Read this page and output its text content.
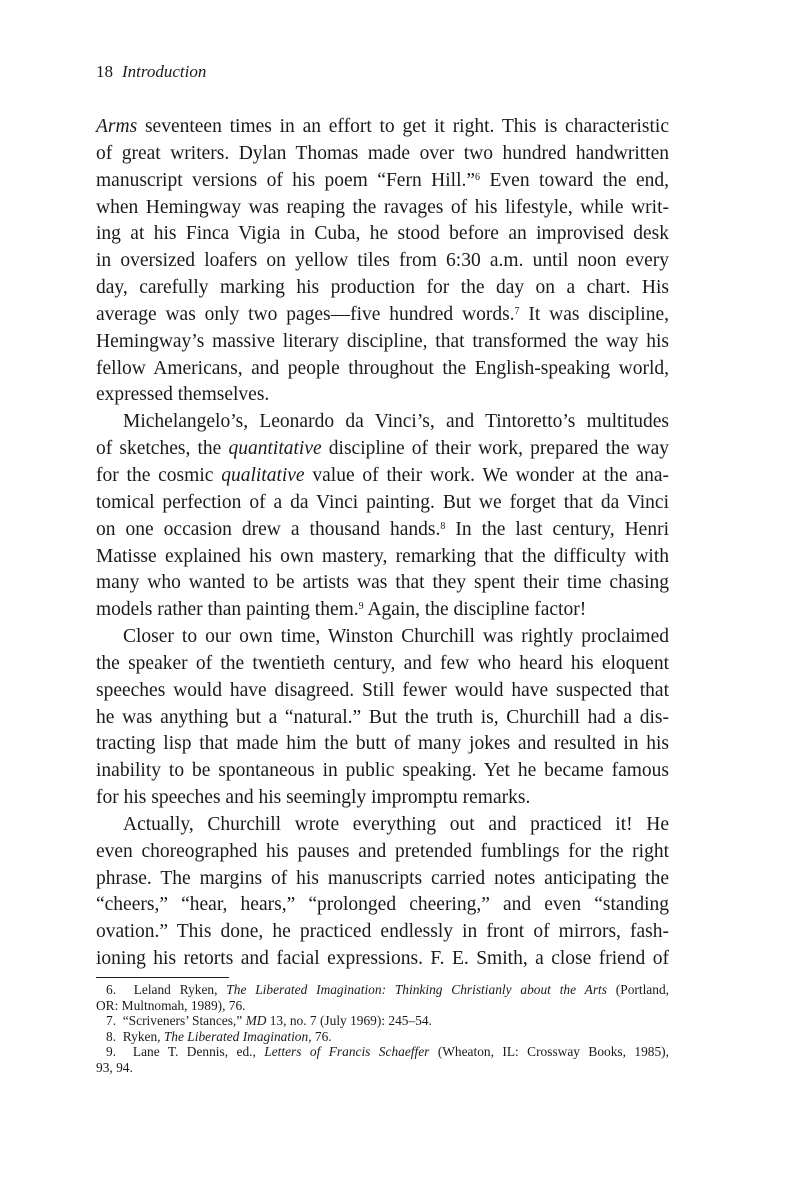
18 Introduction

Arms seventeen times in an effort to get it right. This is characteristic
of great writers. Dylan Thomas made over two hundred handwritten
manuscript versions of his poem “Fern Hill.”$^6$ Even toward the end,
when Hemingway was reaping the ravages of his lifestyle, while writ-
ing at his Finca Vigia in Cuba, he stood before an improvised desk
in oversized loafers on yellow tiles from 6:30 a.m. until noon every
day, carefully marking his production for the day on a chart. His
average was only two pages—five hundred words.$^7$ It was discipline,
Hemingway’s massive literary discipline, that transformed the way his
fellow Americans, and people throughout the English-speaking world,
expressed themselves.

Michelangelo’s, Leonardo da Vinci’s, and Tintoretto’s multitudes
of sketches, the quantitative discipline of their work, prepared the way
for the cosmic qualitative value of their work. We wonder at the ana-
tomical perfection of a da Vinci painting. But we forget that da Vinci
on one occasion drew a thousand hands.$^8$ In the last century, Henri
Matisse explained his own mastery, remarking that the difficulty with
many who wanted to be artists was that they spent their time chasing
models rather than painting them.$^9$ Again, the discipline factor!

Closer to our own time, Winston Churchill was rightly proclaimed
the speaker of the twentieth century, and few who heard his eloquent
speeches would have disagreed. Still fewer would have suspected that
he was anything but a “natural.” But the truth is, Churchill had a dis-
tracting lisp that made him the butt of many jokes and resulted in his
inability to be spontaneous in public speaking. Yet he became famous
for his speeches and his seemingly impromptu remarks.

Actually, Churchill wrote everything out and practiced it! He
even choreographed his pauses and pretended fumblings for the right
phrase. The margins of his manuscripts carried notes anticipating the
“cheers,” “hear, hears,” “prolonged cheering,” and even “standing
ovation.” This done, he practiced endlessly in front of mirrors, fash-
ioning his retorts and facial expressions. F. E. Smith, a close friend of

6.  Leland Ryken, The Liberated Imagination: Thinking Christianly about the Arts (Portland,
OR: Multnomah, 1989), 76.
7.  “Scriveners’ Stances,” MD 13, no. 7 (July 1969): 245–54.
8.  Ryken, The Liberated Imagination, 76.
9.  Lane T. Dennis, ed., Letters of Francis Schaeffer (Wheaton, IL: Crossway Books, 1985),
93, 94.
